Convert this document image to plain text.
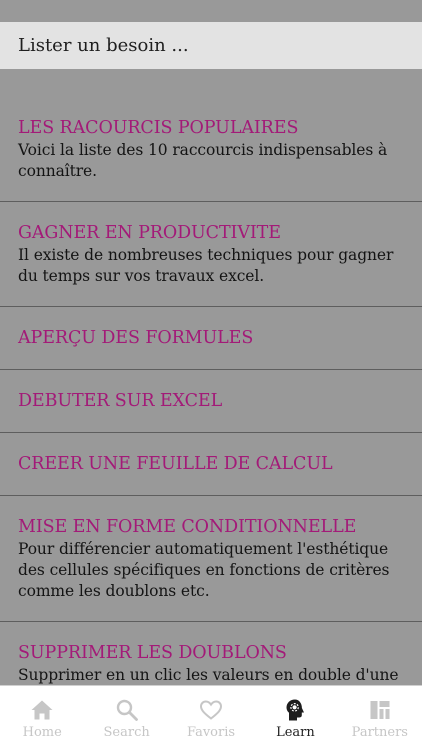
Lister un besoin ...
LES RACOURCIS POPULAIRES
Voici la liste des 10 raccourcis indispensables à connaître.
GAGNER EN PRODUCTIVITE
Il existe de nombreuses techniques pour gagner du temps sur vos travaux excel.
APERÇU DES FORMULES
DEBUTER SUR EXCEL
CREER UNE FEUILLE DE CALCUL
MISE EN FORME CONDITIONNELLE
Pour différencier automatiquement l'esthétique des cellules spécifiques en fonctions de critères comme les doublons etc.
SUPPRIMER LES DOUBLONS
Supprimer en un clic les valeurs en double d'une
Home	Search	Favoris	Learn	Partners
